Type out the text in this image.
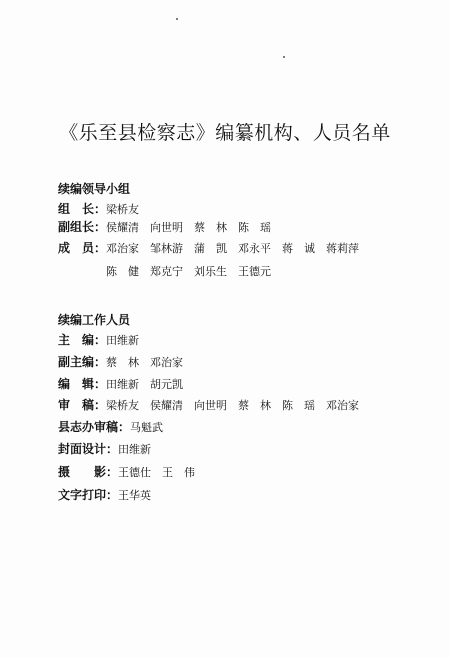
《乐至县检察志》编纂机构、人员名单
续编领导小组
组　长：梁桥友
副组长：侯耀清　向世明　蔡　林　陈　瑶
成　员：邓治家　邹林游　蒲　凯　邓永平　蒋　诚　蒋莉萍
陈　健　郑克宁　刘乐生　王德元
续编工作人员
主　编：田维新
副主编：蔡　林　邓治家
编　辑：田维新　胡元凯
审　稿：梁桥友　侯耀清　向世明　蔡　林　陈　瑶　邓治家
县志办审稿：马魁武
封面设计：田维新
摄　　影：王德仕　王　伟
文字打印：王华英
